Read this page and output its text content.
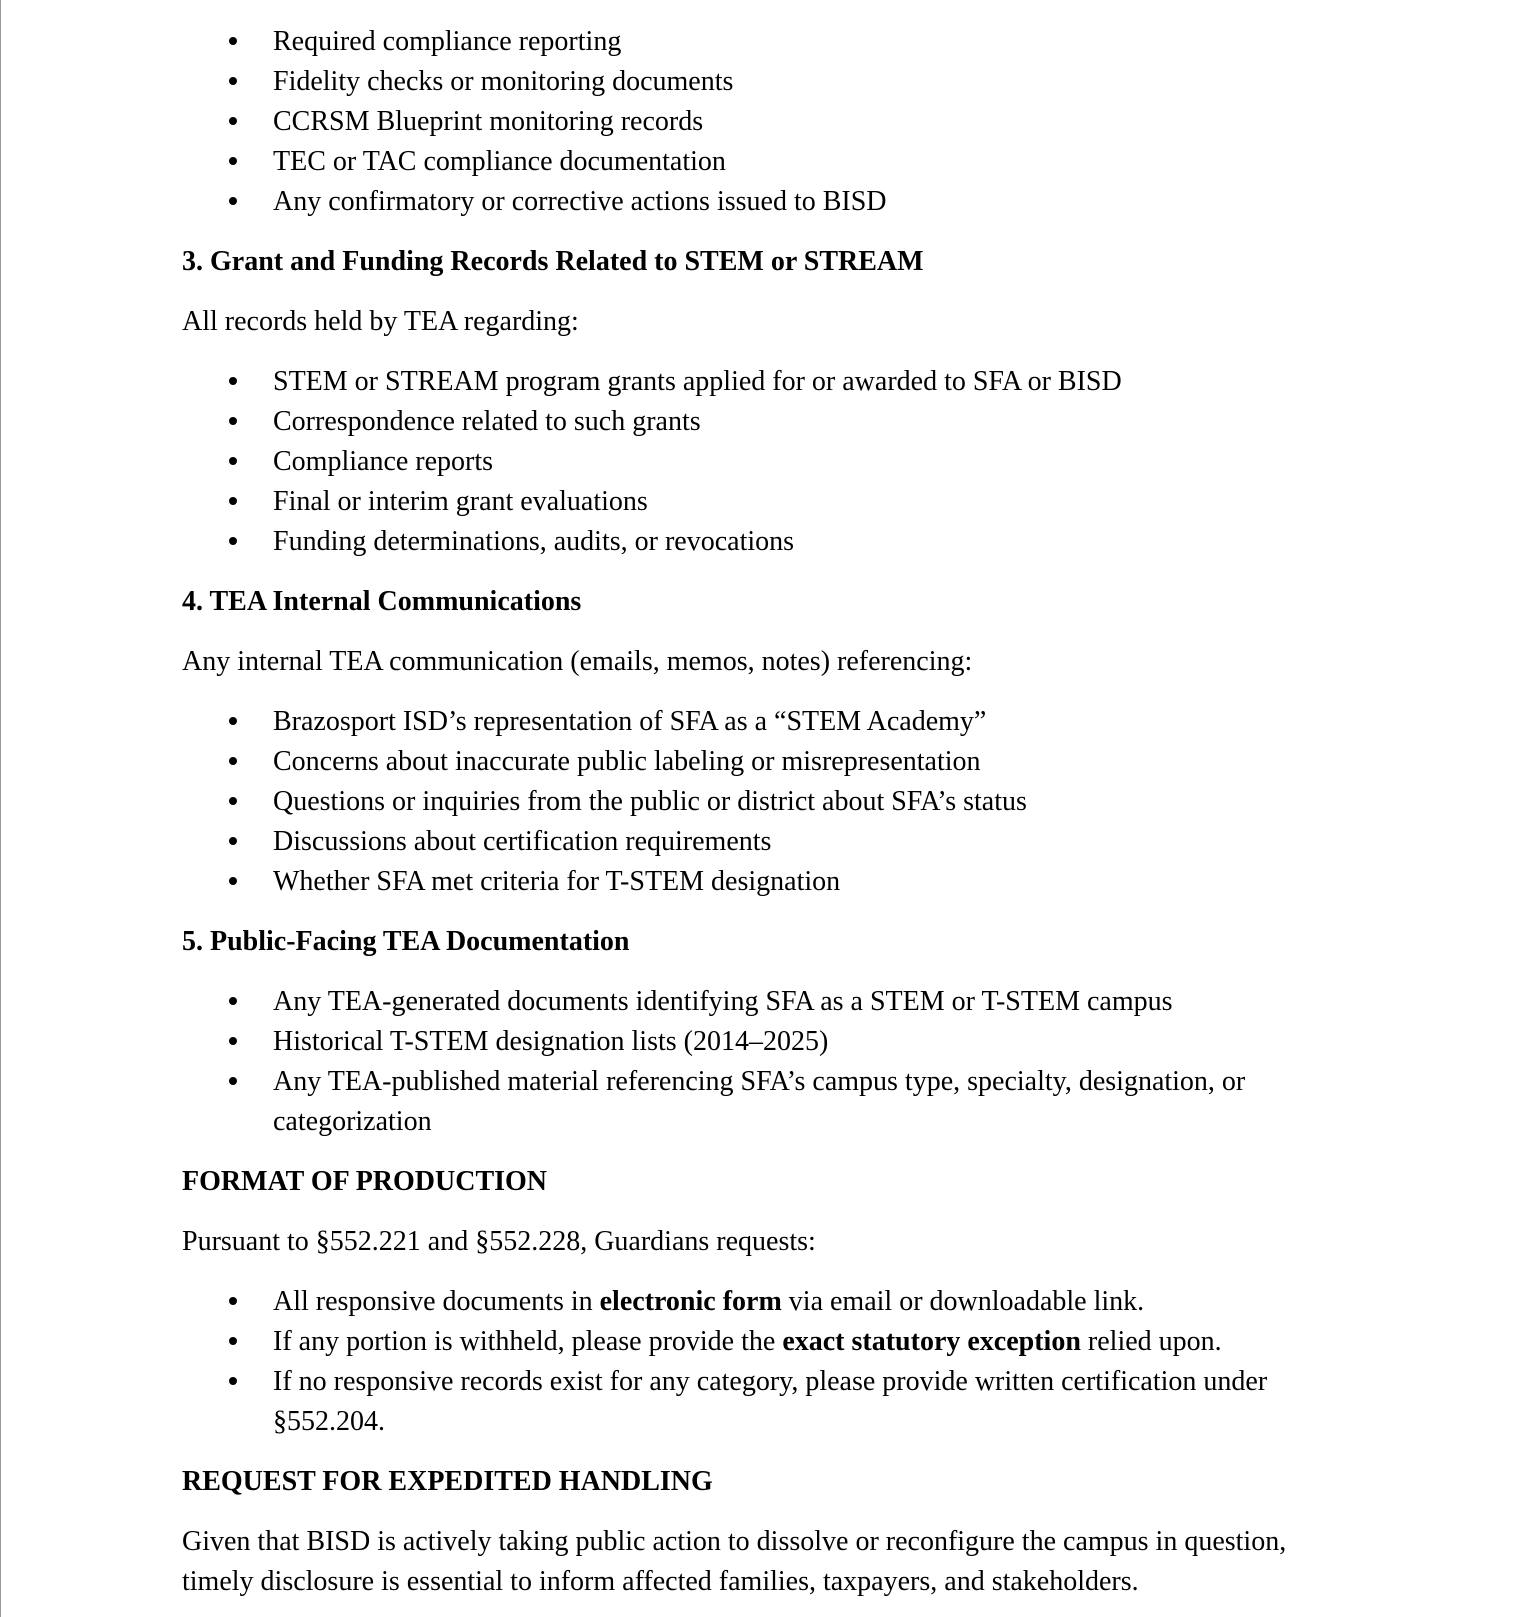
Required compliance reporting
Fidelity checks or monitoring documents
CCRSM Blueprint monitoring records
TEC or TAC compliance documentation
Any confirmatory or corrective actions issued to BISD
3. Grant and Funding Records Related to STEM or STREAM

All records held by TEA regarding:

STEM or STREAM program grants applied for or awarded to SFA or BISD
Correspondence related to such grants
Compliance reports
Final or interim grant evaluations
Funding determinations, audits, or revocations
4. TEA Internal Communications

Any internal TEA communication (emails, memos, notes) referencing:

Brazosport ISD’s representation of SFA as a “STEM Academy”
Concerns about inaccurate public labeling or misrepresentation
Questions or inquiries from the public or district about SFA’s status
Discussions about certification requirements
Whether SFA met criteria for T-STEM designation
5. Public-Facing TEA Documentation
Any TEA-generated documents identifying SFA as a STEM or T-STEM campus
Historical T-STEM designation lists (2014–2025)
Any TEA-published material referencing SFA’s campus type, specialty, designation, or categorization
FORMAT OF PRODUCTION

Pursuant to §552.221 and §552.228, Guardians requests:

All responsive documents in electronic form via email or downloadable link.
If any portion is withheld, please provide the exact statutory exception relied upon.
If no responsive records exist for any category, please provide written certification under §552.204.
REQUEST FOR EXPEDITED HANDLING

Given that BISD is actively taking public action to dissolve or reconfigure the campus in question, timely disclosure is essential to inform affected families, taxpayers, and stakeholders.
